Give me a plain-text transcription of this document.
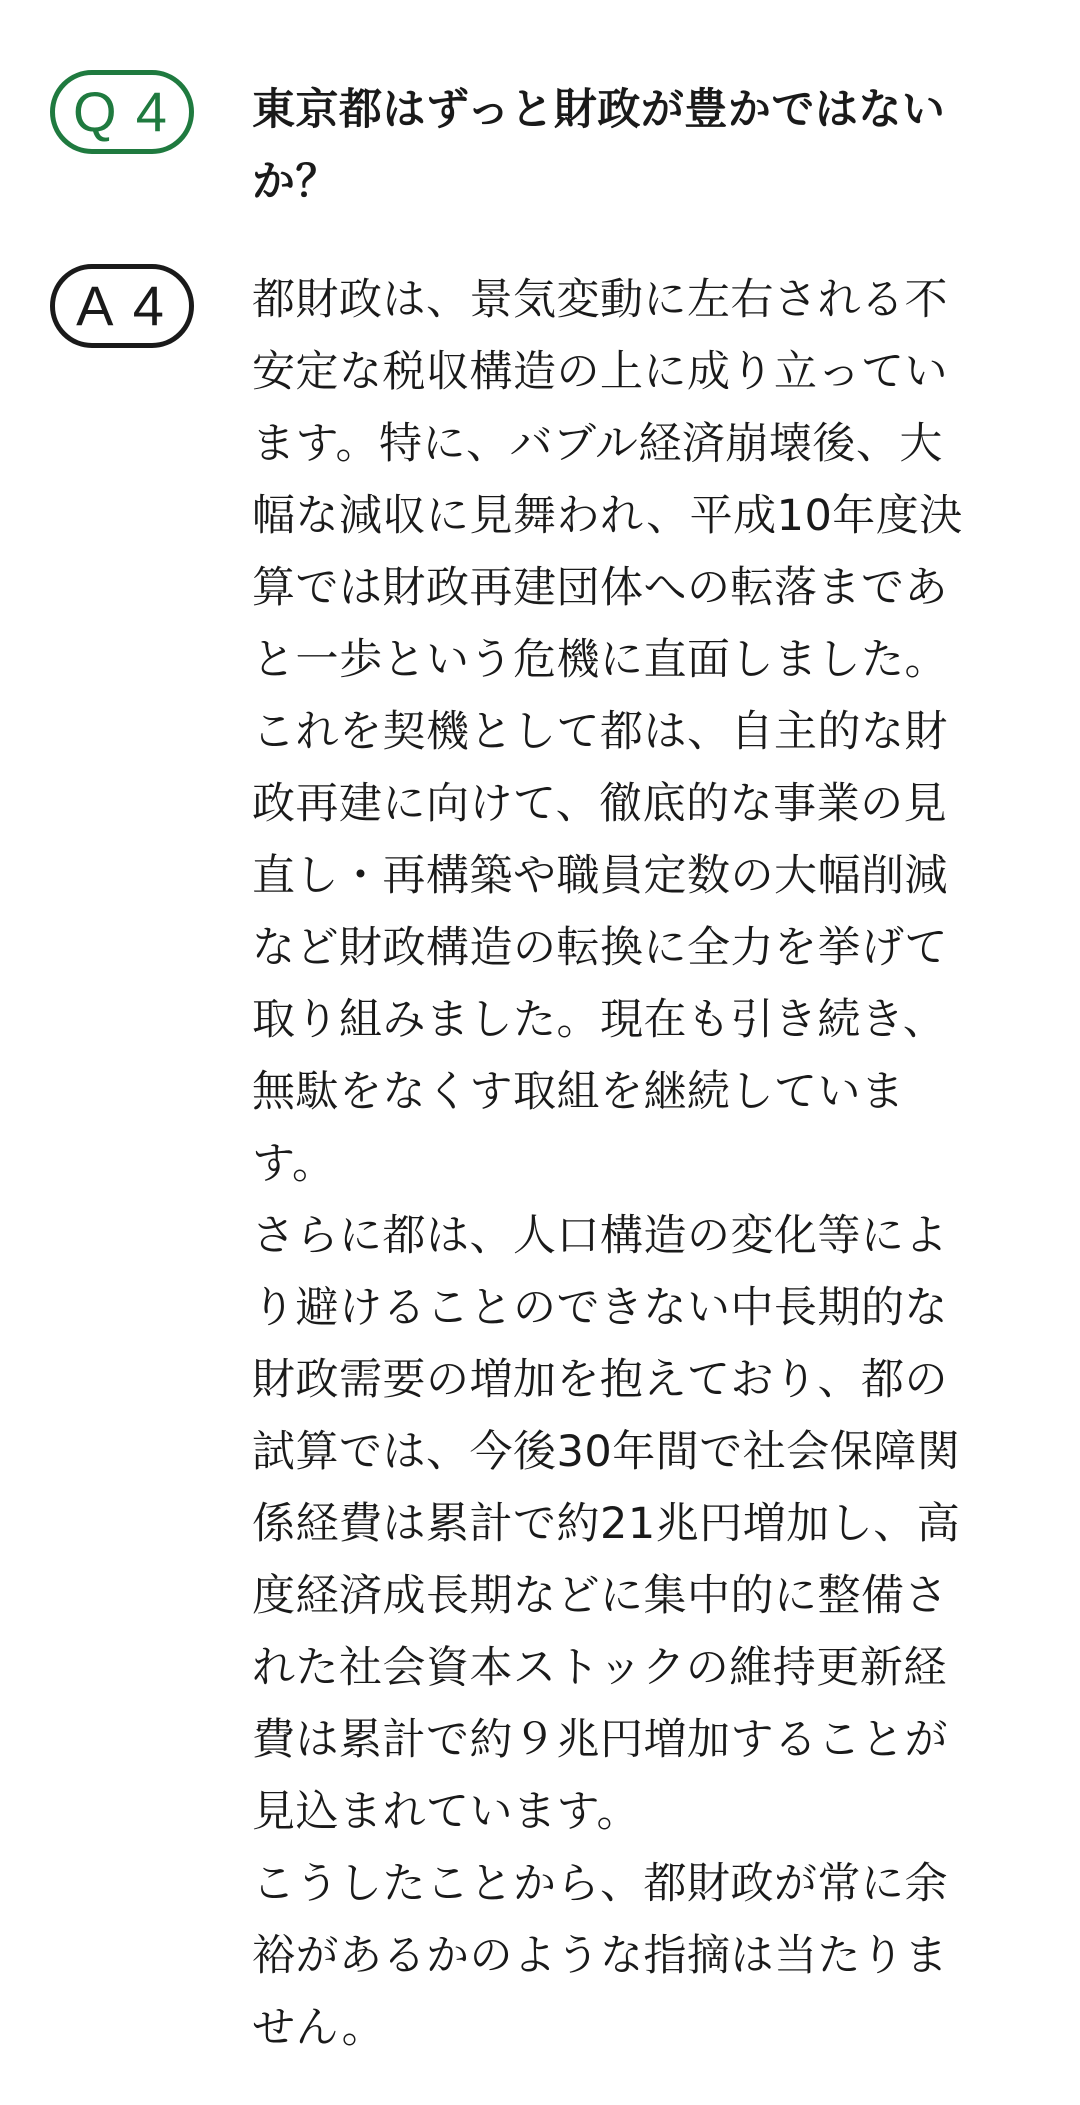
Q 4	東京都はずっと財政が豊かではない
か？
A 4	都財政は、景気変動に左右される不
安定な税収構造の上に成り立ってい
ます。特に、バブル経済崩壊後、大
幅な減収に見舞われ、平成10年度決
算では財政再建団体への転落まであ
と一歩という危機に直面しました。
これを契機として都は、自主的な財
政再建に向けて、徹底的な事業の見
直し・再構築や職員定数の大幅削減
など財政構造の転換に全力を挙げて
取り組みました。現在も引き続き、
無駄をなくす取組を継続していま
す。
さらに都は、人口構造の変化等によ
り避けることのできない中長期的な
財政需要の増加を抱えており、都の
試算では、今後30年間で社会保障関
係経費は累計で約21兆円増加し、高
度経済成長期などに集中的に整備さ
れた社会資本ストックの維持更新経
費は累計で約９兆円増加することが
見込まれています。
こうしたことから、都財政が常に余
裕があるかのような指摘は当たりま
せん。
